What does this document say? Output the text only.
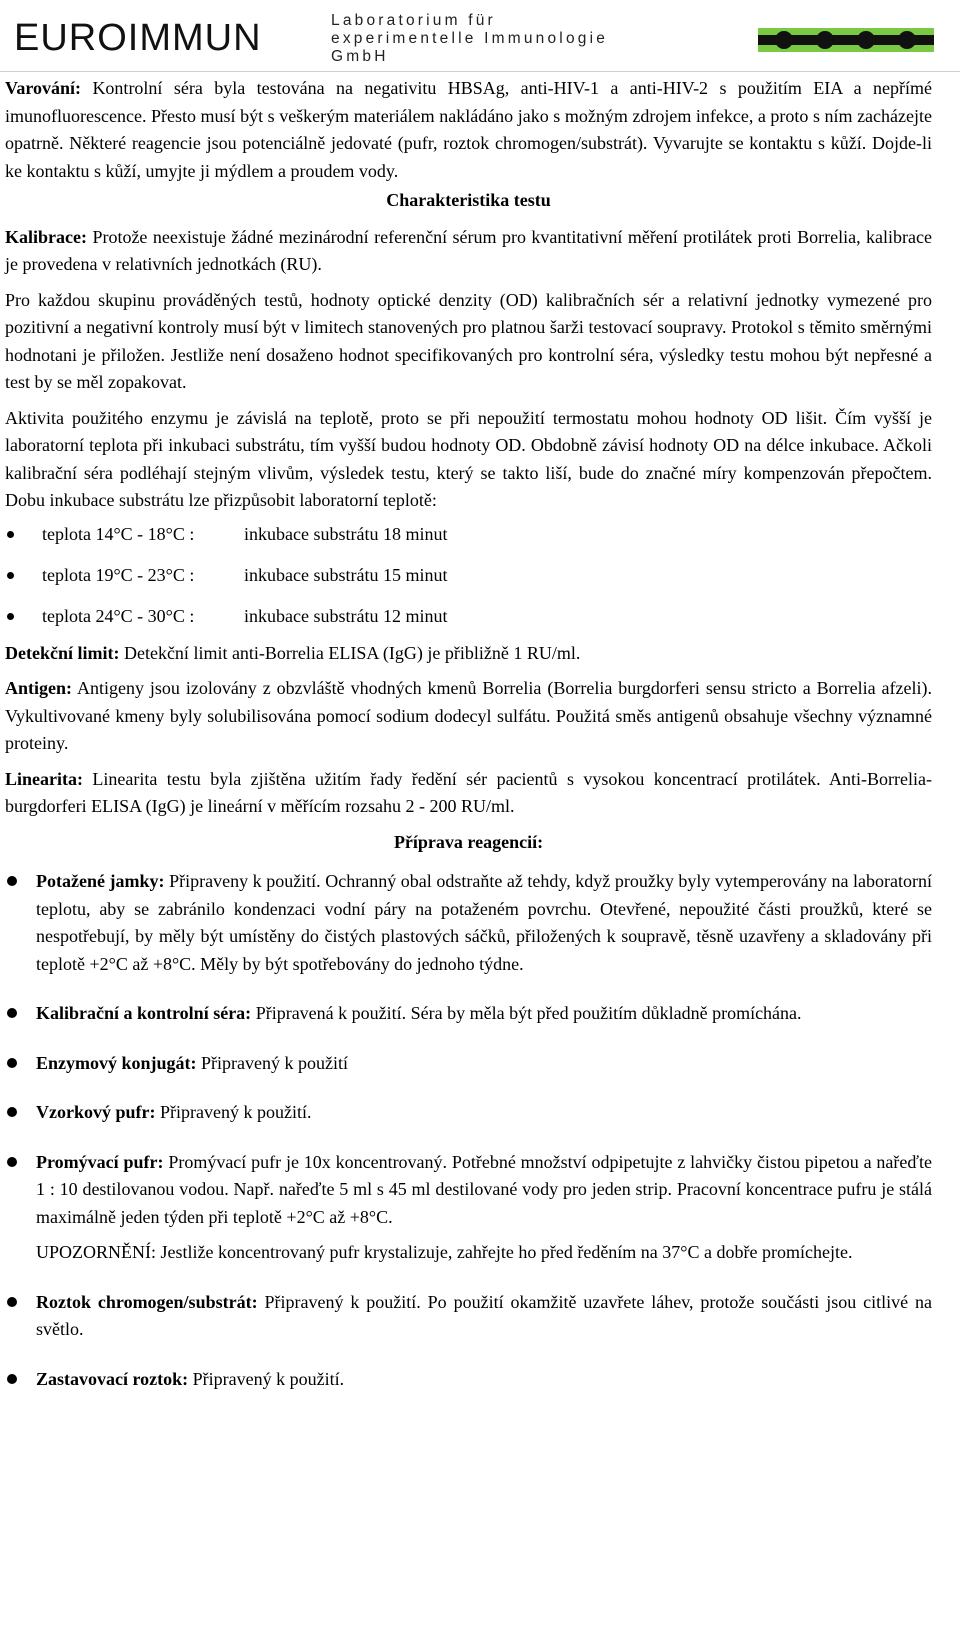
EUROIMMUN	Laboratorium für
experimentelle Immunologie
GmbH

Varování: Kontrolní séra byla testována na negativitu HBSAg, anti-HIV-1 a anti-HIV-2 s použitím EIA a nepřímé imunofluorescence. Přesto musí být s veškerým materiálem nakládáno jako s možným zdrojem infekce, a proto s ním zacházejte opatrně. Některé reagencie jsou potenciálně jedovaté (pufr, roztok chromogen/substrát). Vyvarujte se kontaktu s kůží. Dojde-li ke kontaktu s kůží, umyjte ji mýdlem a proudem vody.

Charakteristika testu

Kalibrace: Protože neexistuje žádné mezinárodní referenční sérum pro kvantitativní měření protilátek proti Borrelia, kalibrace je provedena v relativních jednotkách (RU).

Pro každou skupinu prováděných testů, hodnoty optické denzity (OD) kalibračních sér a relativní jednotky vymezené pro pozitivní a negativní kontroly musí být v limitech stanovených pro platnou šarži testovací soupravy. Protokol s těmito směrnými hodnotani je přiložen. Jestliže není dosaženo hodnot specifikovaných pro kontrolní séra, výsledky testu mohou být nepřesné a test by se měl zopakovat.

Aktivita použitého enzymu je závislá na teplotě, proto se při nepoužití termostatu mohou hodnoty OD lišit. Čím vyšší je laboratorní teplota při inkubaci substrátu, tím vyšší budou hodnoty OD. Obdobně závisí hodnoty OD na délce inkubace. Ačkoli kalibrační séra podléhají stejným vlivům, výsledek testu, který se takto liší, bude do značné míry kompenzován přepočtem. Dobu inkubace substrátu lze přizpůsobit laboratorní teplotě:

teplota 14°C - 18°C :	inkubace substrátu 18 minut
teplota 19°C - 23°C :	inkubace substrátu 15 minut
teplota 24°C - 30°C :	inkubace substrátu 12 minut

Detekční limit: Detekční limit anti-Borrelia ELISA (IgG) je přibližně 1 RU/ml.

Antigen: Antigeny jsou izolovány z obzvláště vhodných kmenů Borrelia (Borrelia burgdorferi sensu stricto a Borrelia afzeli). Vykultivované kmeny byly solubilisována pomocí sodium dodecyl sulfátu. Použitá směs antigenů obsahuje všechny významné proteiny.

Linearita: Linearita testu byla zjištěna užitím řady ředění sér pacientů s vysokou koncentrací protilátek. Anti-Borrelia-burgdorferi ELISA (IgG) je lineární v měřícím rozsahu 2 - 200 RU/ml.

Příprava reagencií:
Potažené jamky: Připraveny k použití. Ochranný obal odstraňte až tehdy, když proužky byly vytemperovány na laboratorní teplotu, aby se zabránilo kondenzaci vodní páry na potaženém povrchu. Otevřené, nepoužité části proužků, které se nespotřebují, by měly být umístěny do čistých plastových sáčků, přiložených k soupravě, těsně uzavřeny a skladovány při teplotě +2°C až +8°C. Měly by být spotřebovány do jednoho týdne.
Kalibrační a kontrolní séra: Připravená k použití. Séra by měla být před použitím důkladně promíchána.
Enzymový konjugát: Připravený k použití
Vzorkový pufr: Připravený k použití.
Promývací pufr: Promývací pufr je 10x koncentrovaný. Potřebné množství odpipetujte z lahvičky čistou pipetou a nařeďte 1 : 10 destilovanou vodou. Např. nařeďte 5 ml s 45 ml destilované vody pro jeden strip. Pracovní koncentrace pufru je stálá maximálně jeden týden při teplotě +2°C až +8°C.
UPOZORNĚNÍ: Jestliže koncentrovaný pufr krystalizuje, zahřejte ho před ředěním na 37°C a dobře promíchejte.
Roztok chromogen/substrát: Připravený k použití. Po použití okamžitě uzavřete láhev, protože součásti jsou citlivé na světlo.
Zastavovací roztok: Připravený k použití.
